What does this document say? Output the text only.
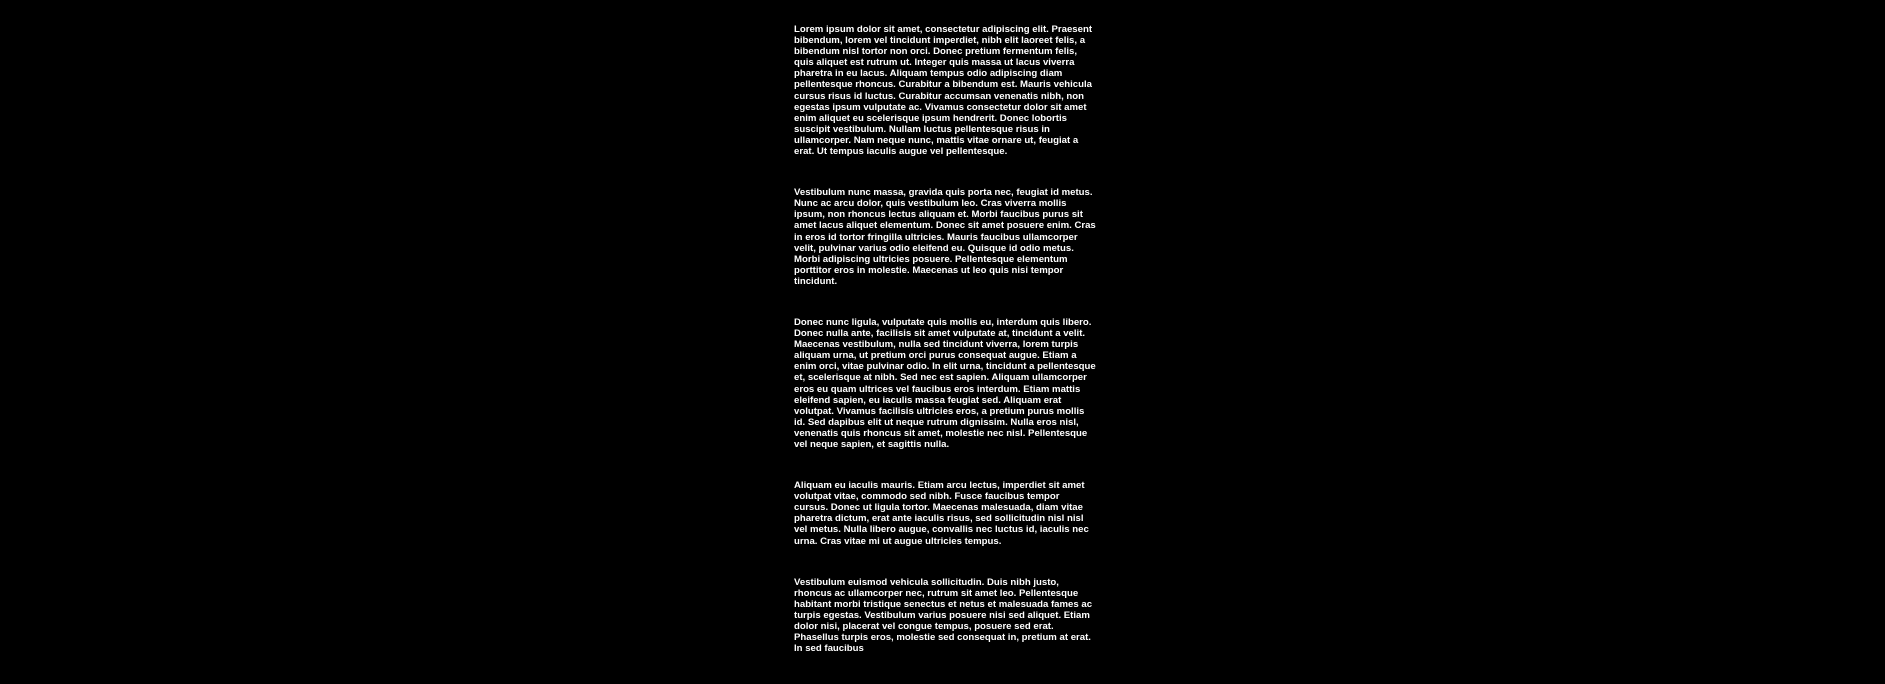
Lorem ipsum dolor sit amet, consectetur adipiscing elit. Praesent bibendum, lorem vel tincidunt imperdiet, nibh elit laoreet felis, a bibendum nisl tortor non orci. Donec pretium fermentum felis, quis aliquet est rutrum ut. Integer quis massa ut lacus viverra pharetra in eu lacus. Aliquam tempus odio adipiscing diam pellentesque rhoncus. Curabitur a bibendum est. Mauris vehicula cursus risus id luctus. Curabitur accumsan venenatis nibh, non egestas ipsum vulputate ac. Vivamus consectetur dolor sit amet enim aliquet eu scelerisque ipsum hendrerit. Donec lobortis suscipit vestibulum. Nullam luctus pellentesque risus in ullamcorper. Nam neque nunc, mattis vitae ornare ut, feugiat a erat. Ut tempus iaculis augue vel pellentesque.

Vestibulum nunc massa, gravida quis porta nec, feugiat id metus. Nunc ac arcu dolor, quis vestibulum leo. Cras viverra mollis ipsum, non rhoncus lectus aliquam et. Morbi faucibus purus sit amet lacus aliquet elementum. Donec sit amet posuere enim. Cras in eros id tortor fringilla ultricies. Mauris faucibus ullamcorper velit, pulvinar varius odio eleifend eu. Quisque id odio metus. Morbi adipiscing ultricies posuere. Pellentesque elementum porttitor eros in molestie. Maecenas ut leo quis nisi tempor tincidunt.

Donec nunc ligula, vulputate quis mollis eu, interdum quis libero. Donec nulla ante, facilisis sit amet vulputate at, tincidunt a velit. Maecenas vestibulum, nulla sed tincidunt viverra, lorem turpis aliquam urna, ut pretium orci purus consequat augue. Etiam a enim orci, vitae pulvinar odio. In elit urna, tincidunt a pellentesque et, scelerisque at nibh. Sed nec est sapien. Aliquam ullamcorper eros eu quam ultrices vel faucibus eros interdum. Etiam mattis eleifend sapien, eu iaculis massa feugiat sed. Aliquam erat volutpat. Vivamus facilisis ultricies eros, a pretium purus mollis id. Sed dapibus elit ut neque rutrum dignissim. Nulla eros nisl, venenatis quis rhoncus sit amet, molestie nec nisl. Pellentesque vel neque sapien, et sagittis nulla.

Aliquam eu iaculis mauris. Etiam arcu lectus, imperdiet sit amet volutpat vitae, commodo sed nibh. Fusce faucibus tempor cursus. Donec ut ligula tortor. Maecenas malesuada, diam vitae pharetra dictum, erat ante iaculis risus, sed sollicitudin nisl nisl vel metus. Nulla libero augue, convallis nec luctus id, iaculis nec urna. Cras vitae mi ut augue ultricies tempus.

Vestibulum euismod vehicula sollicitudin. Duis nibh justo, rhoncus ac ullamcorper nec, rutrum sit amet leo. Pellentesque habitant morbi tristique senectus et netus et malesuada fames ac turpis egestas. Vestibulum varius posuere nisi sed aliquet. Etiam dolor nisi, placerat vel congue tempus, posuere sed erat. Phasellus turpis eros, molestie sed consequat in, pretium at erat. In sed faucibus
